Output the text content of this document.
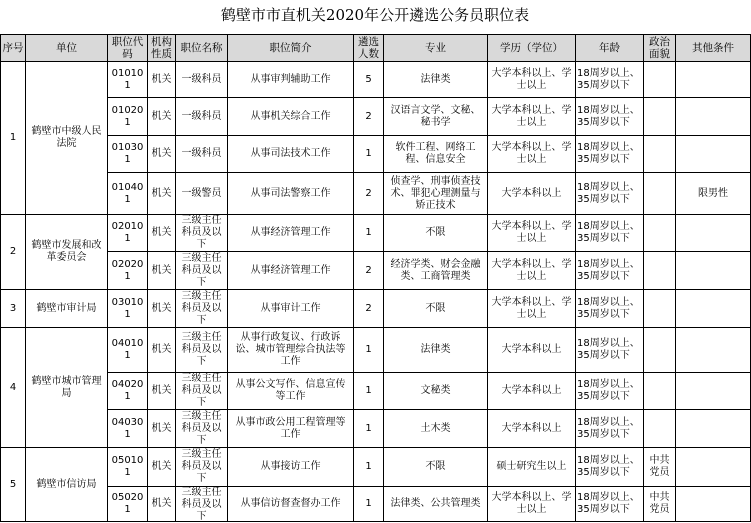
鹤壁市市直机关2020年公开遴选公务员职位表
序号	单位	职位代码	机构性质	职位名称	职位简介	遴选人数	专业	学历（学位）	年龄	政治面貌	其他条件
1	鹤壁市中级人民法院	010101	机关	一级科员	从事审判辅助工作	5	法律类	大学本科以上、学士以上	18周岁以上、35周岁以下		

		010201	机关	一级科员	从事机关综合工作	2	汉语言文学、文秘、秘书学	大学本科以上、学士以上	18周岁以上、35周岁以下		

		010301	机关	一级科员	从事司法技术工作	1	软件工程、网络工程、信息安全	大学本科以上、学士以上	18周岁以上、35周岁以下		

		010401	机关	一级警员	从事司法警察工作	2	侦查学、刑事侦查技术、罪犯心理测量与矫正技术	大学本科以上	18周岁以上、35周岁以下		限男性

2	鹤壁市发展和改革委员会	020101	机关	三级主任科员及以下	从事经济管理工作	1	不限	大学本科以上、学士以上	18周岁以上、35周岁以下		

		020201	机关	三级主任科员及以下	从事经济管理工作	2	经济学类、财会金融类、工商管理类	大学本科以上、学士以上	18周岁以上、35周岁以下		

3	鹤壁市审计局	030101	机关	三级主任科员及以下	从事审计工作	2	不限	大学本科以上、学士以上	18周岁以上、35周岁以下		

4	鹤壁市城市管理局	040101	机关	三级主任科员及以下	从事行政复议、行政诉讼、城市管理综合执法等工作	1	法律类	大学本科以上	18周岁以上、35周岁以下		

		040201	机关	三级主任科员及以下	从事公文写作、信息宣传等工作	1	文秘类	大学本科以上	18周岁以上、35周岁以下		

		040301	机关	三级主任科员及以下	从事市政公用工程管理等工作	1	土木类	大学本科以上	18周岁以上、35周岁以下		

5	鹤壁市信访局	050101	机关	三级主任科员及以下	从事接访工作	1	不限	硕士研究生以上	18周岁以上、35周岁以下	中共党员	

		050201	机关	三级主任科员及以下	从事信访督查督办工作	1	法律类、公共管理类	大学本科以上、学士以上	18周岁以上、35周岁以下	中共党员	
